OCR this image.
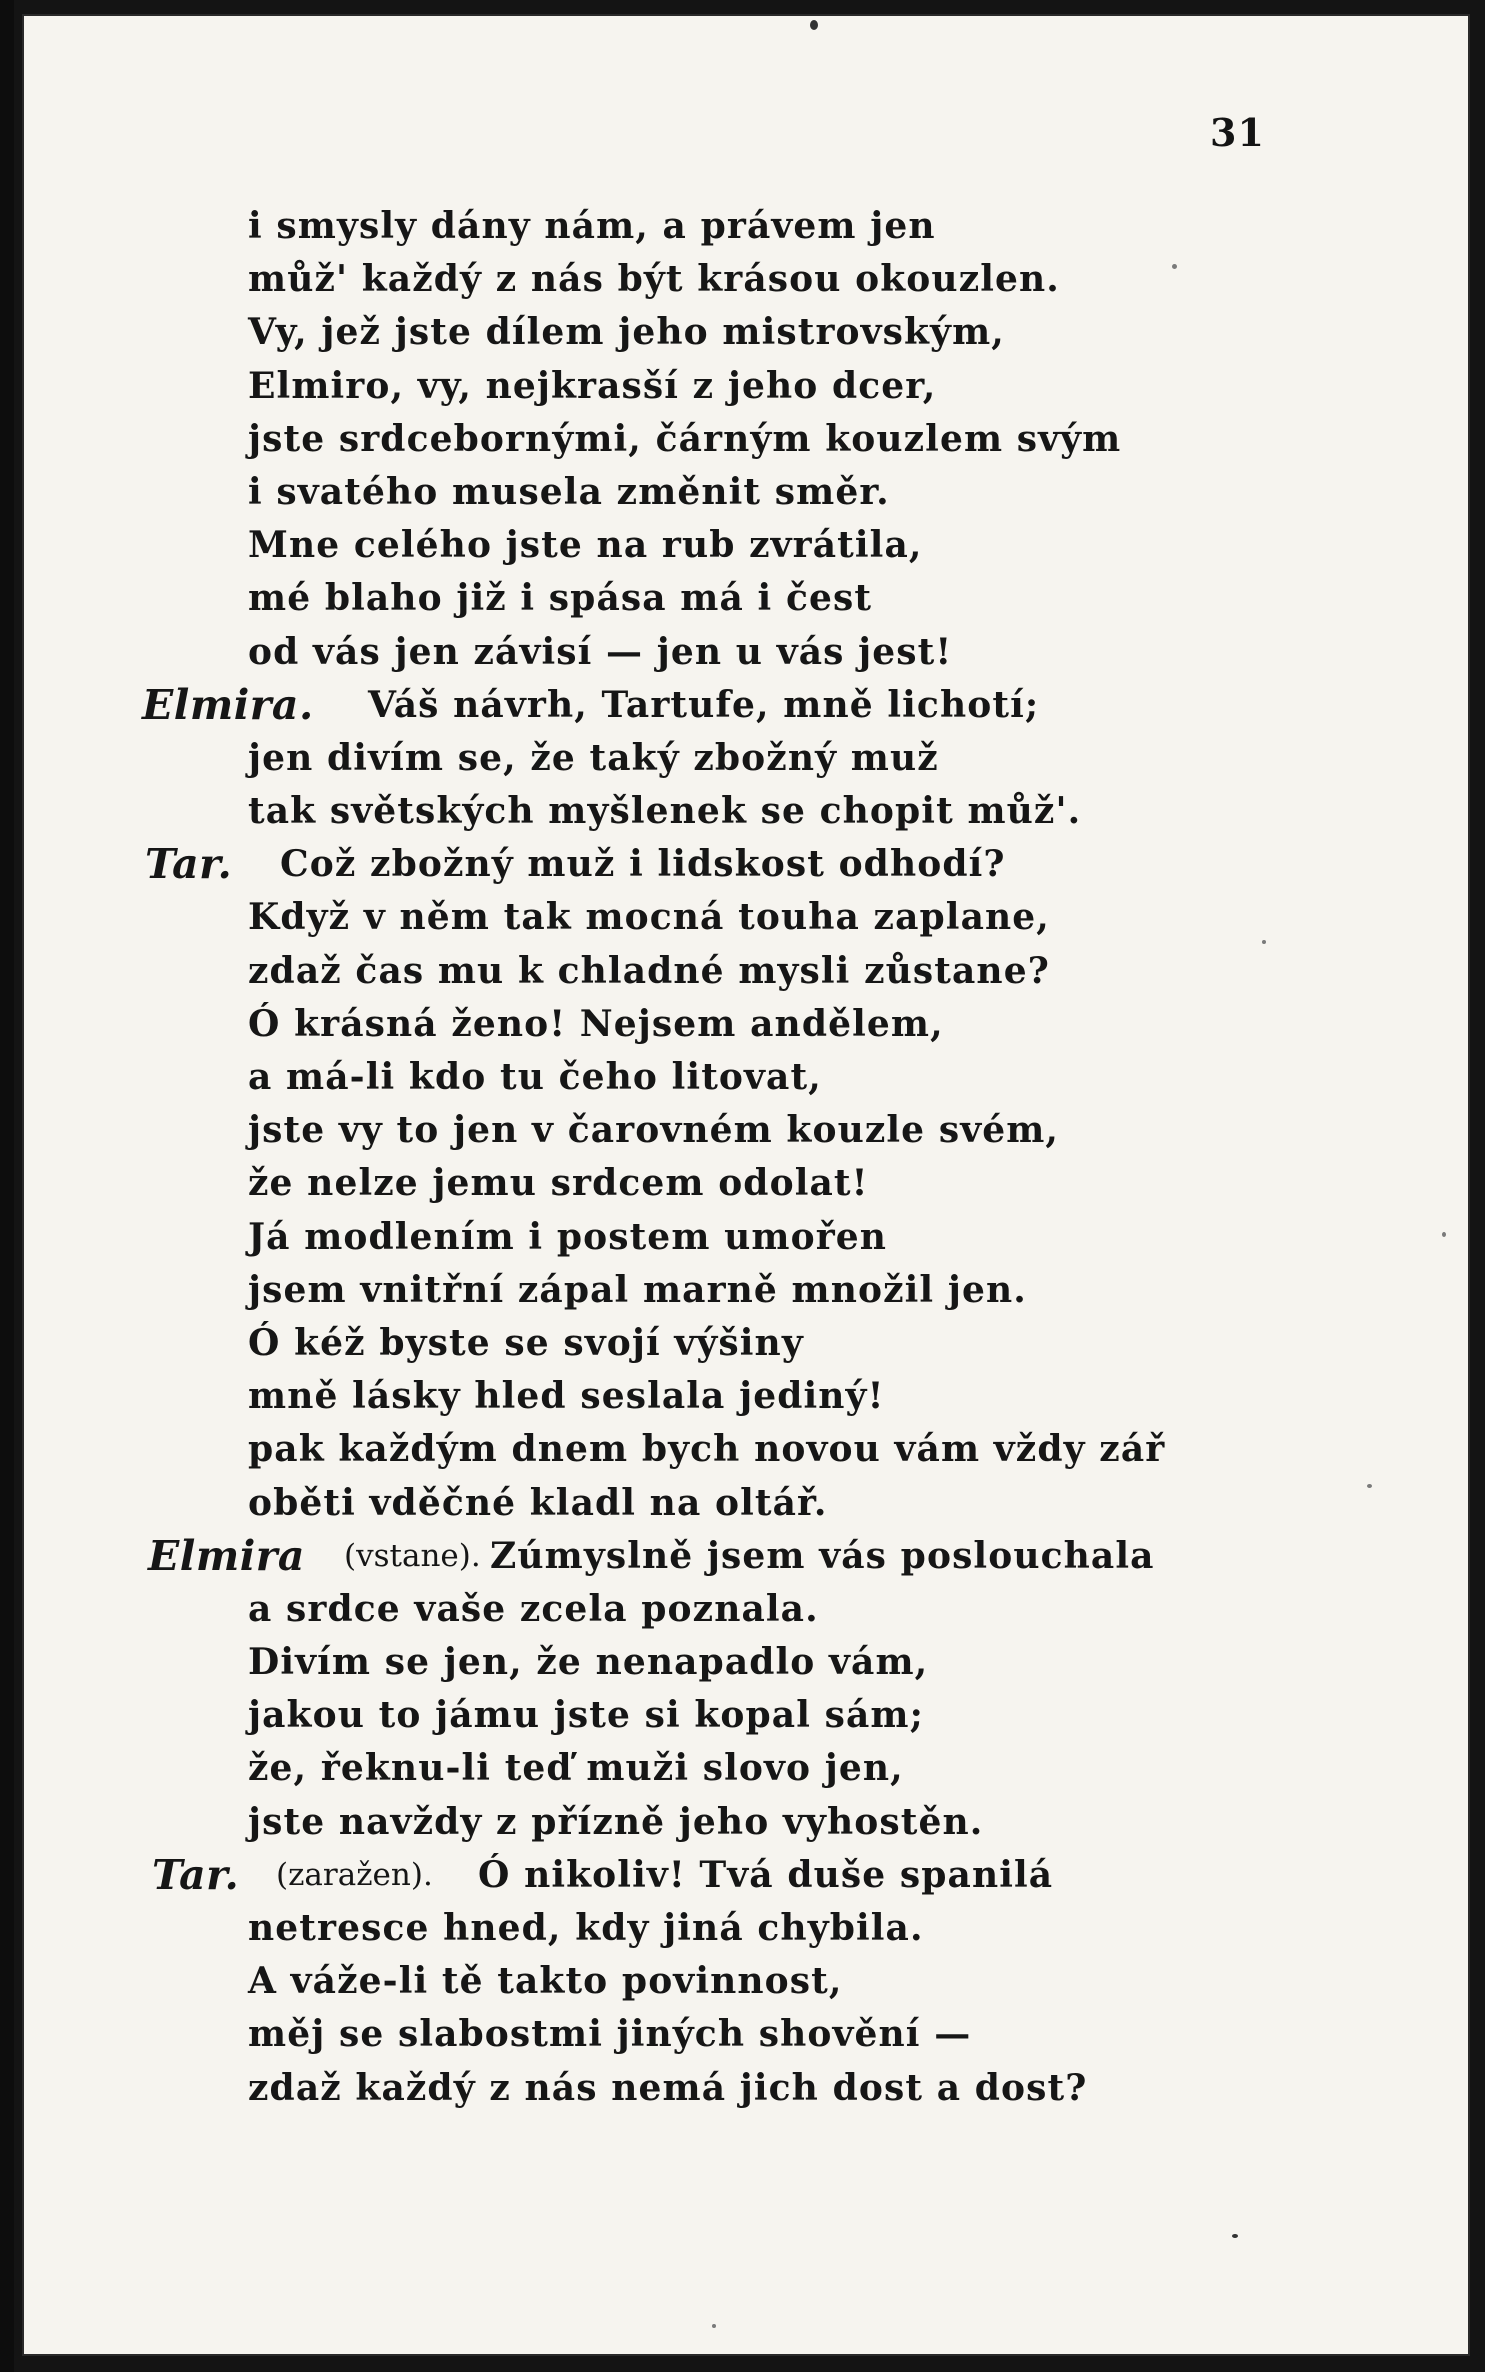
31
i smysly dány nám, a právem jen
můž' každý z nás být krásou okouzlen.
Vy, jež jste dílem jeho mistrovským,
Elmiro, vy, nejkrasší z jeho dcer,
jste srdcebornými, čárným kouzlem svým
i svatého musela změnit směr.
Mne celého jste na rub zvrátila,
mé blaho již i spása má i čest
od vás jen závisí — jen u vás jest!
Elmira. Váš návrh, Tartufe, mně lichotí;
jen divím se, že taký zbožný muž
tak světských myšlenek se chopit můž'.
Tar. Což zbožný muž i lidskost odhodí?
Když v něm tak mocná touha zaplane,
zdaž čas mu k chladné mysli zůstane?
Ó krásná ženo! Nejsem andělem,
a má-li kdo tu čeho litovat,
jste vy to jen v čarovném kouzle svém,
že nelze jemu srdcem odolat!
Já modlením i postem umořen
jsem vnitřní zápal marně množil jen.
Ó kéž byste se svojí výšiny
mně lásky hled seslala jediný!
pak každým dnem bych novou vám vždy zář
oběti vděčné kladl na oltář.
Elmira (vstane). Zúmyslně jsem vás poslouchala
a srdce vaše zcela poznala.
Divím se jen, že nenapadlo vám,
jakou to jámu jste si kopal sám;
že, řeknu-li teď muži slovo jen,
jste navždy z přízně jeho vyhostěn.
Tar. (zaražen). Ó nikoliv! Tvá duše spanilá
netresce hned, kdy jiná chybila.
A váže-li tě takto povinnost,
měj se slabostmi jiných shovění —
zdaž každý z nás nemá jich dost a dost?
